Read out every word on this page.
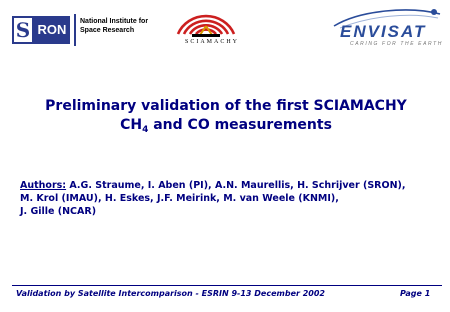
S RON
National Institute for
Space Research
SCIAMACHY
ENVISAT
CARING FOR THE EARTH
Preliminary validation of the first SCIAMACHY
$CH_4$ and CO measurements
Authors: A.G. Straume, I. Aben (PI), A.N. Maurellis, H. Schrijver (SRON),
M. Krol (IMAU), H. Eskes, J.F. Meirink, M. van Weele (KNMI),
J. Gille (NCAR)
Validation by Satellite Intercomparison - ESRIN 9-13 December 2002	Page 1
